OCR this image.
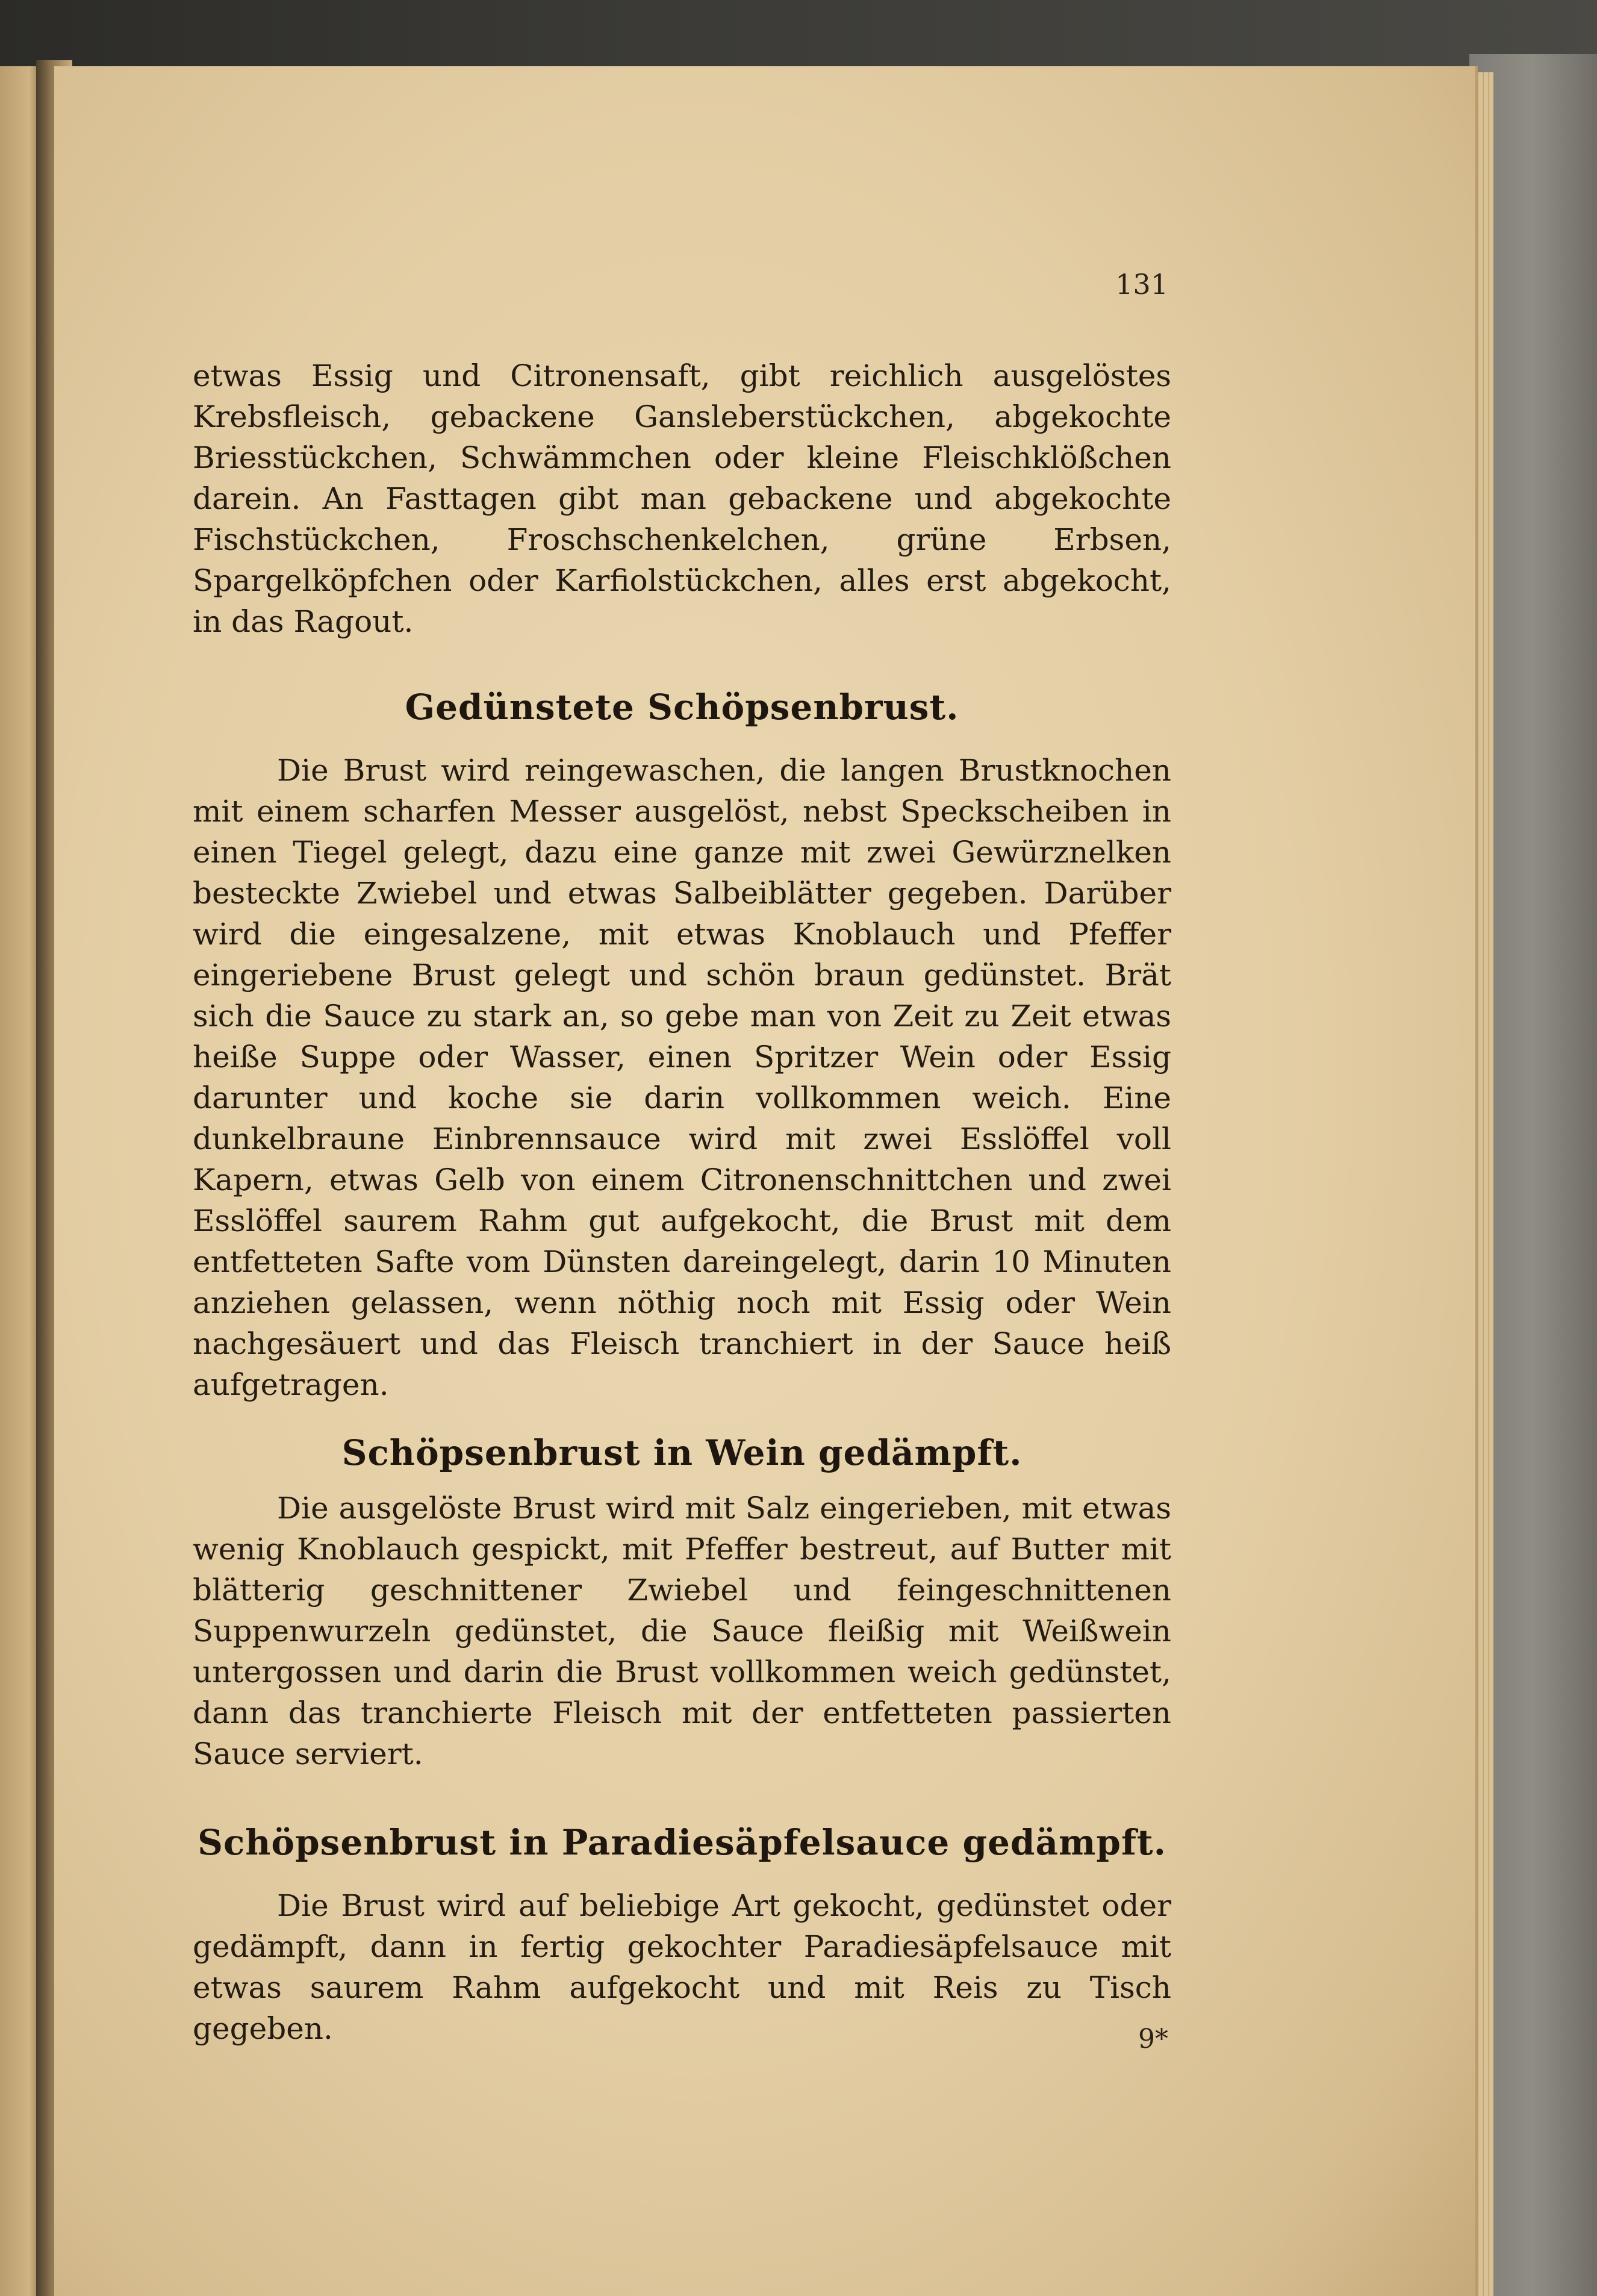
131

etwas Essig und Citronensaft, gibt reichlich ausgelöstes Krebsfleisch, gebackene Gansleberstückchen, abgekochte Briesstückchen, Schwämmchen oder kleine Fleischklößchen darein. An Fasttagen gibt man gebackene und abgekochte Fischstückchen, Froschschenkelchen, grüne Erbsen, Spargelköpfchen oder Karfiolstückchen, alles erst abgekocht, in das Ragout.

Gedünstete Schöpsenbrust.

Die Brust wird reingewaschen, die langen Brustknochen mit einem scharfen Messer ausgelöst, nebst Speckscheiben in einen Tiegel gelegt, dazu eine ganze mit zwei Gewürznelken besteckte Zwiebel und etwas Salbeiblätter gegeben. Darüber wird die eingesalzene, mit etwas Knoblauch und Pfeffer eingeriebene Brust gelegt und schön braun gedünstet. Brät sich die Sauce zu stark an, so gebe man von Zeit zu Zeit etwas heiße Suppe oder Wasser, einen Spritzer Wein oder Essig darunter und koche sie darin vollkommen weich. Eine dunkelbraune Einbrennsauce wird mit zwei Esslöffel voll Kapern, etwas Gelb von einem Citronenschnittchen und zwei Esslöffel saurem Rahm gut aufgekocht, die Brust mit dem entfetteten Safte vom Dünsten dareingelegt, darin 10 Minuten anziehen gelassen, wenn nöthig noch mit Essig oder Wein nachgesäuert und das Fleisch tranchiert in der Sauce heiß aufgetragen.

Schöpsenbrust in Wein gedämpft.

Die ausgelöste Brust wird mit Salz eingerieben, mit etwas wenig Knoblauch gespickt, mit Pfeffer bestreut, auf Butter mit blätterig geschnittener Zwiebel und feingeschnittenen Suppenwurzeln gedünstet, die Sauce fleißig mit Weißwein untergossen und darin die Brust vollkommen weich gedünstet, dann das tranchierte Fleisch mit der entfetteten passierten Sauce serviert.

Schöpsenbrust in Paradiesäpfelsauce gedämpft.

Die Brust wird auf beliebige Art gekocht, gedünstet oder gedämpft, dann in fertig gekochter Paradiesäpfelsauce mit etwas saurem Rahm aufgekocht und mit Reis zu Tisch gegeben.	9*
